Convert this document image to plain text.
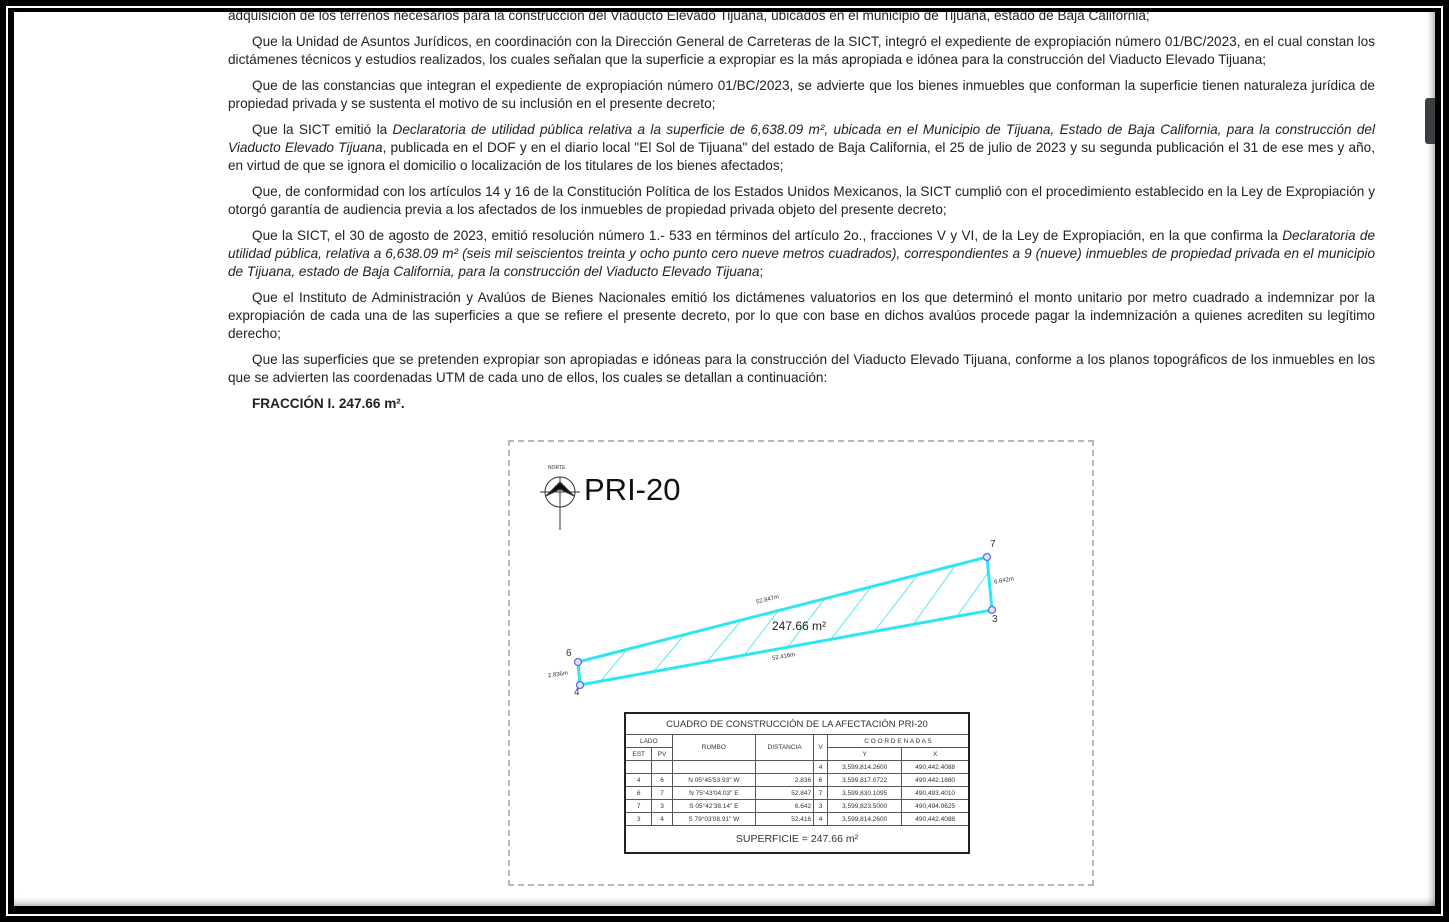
adquisición de los terrenos necesarios para la construcción del Viaducto Elevado Tijuana, ubicados en el municipio de Tijuana, estado de Baja California;

Que la Unidad de Asuntos Jurídicos, en coordinación con la Dirección General de Carreteras de la SICT, integró el expediente de expropiación número 01/BC/2023, en el cual constan los dictámenes técnicos y estudios realizados, los cuales señalan que la superficie a expropiar es la más apropiada e idónea para la construcción del Viaducto Elevado Tijuana;

Que de las constancias que integran el expediente de expropiación número 01/BC/2023, se advierte que los bienes inmuebles que conforman la superficie tienen naturaleza jurídica de propiedad privada y se sustenta el motivo de su inclusión en el presente decreto;

Que la SICT emitió la Declaratoria de utilidad pública relativa a la superficie de 6,638.09 m², ubicada en el Municipio de Tijuana, Estado de Baja California, para la construcción del Viaducto Elevado Tijuana, publicada en el DOF y en el diario local "El Sol de Tijuana" del estado de Baja California, el 25 de julio de 2023 y su segunda publicación el 31 de ese mes y año, en virtud de que se ignora el domicilio o localización de los titulares de los bienes afectados;

Que, de conformidad con los artículos 14 y 16 de la Constitución Política de los Estados Unidos Mexicanos, la SICT cumplió con el procedimiento establecido en la Ley de Expropiación y otorgó garantía de audiencia previa a los afectados de los inmuebles de propiedad privada objeto del presente decreto;

Que la SICT, el 30 de agosto de 2023, emitió resolución número 1.- 533 en términos del artículo 2o., fracciones V y VI, de la Ley de Expropiación, en la que confirma la Declaratoria de utilidad pública, relativa a 6,638.09 m² (seis mil seiscientos treinta y ocho punto cero nueve metros cuadrados), correspondientes a 9 (nueve) inmuebles de propiedad privada en el municipio de Tijuana, estado de Baja California, para la construcción del Viaducto Elevado Tijuana;

Que el Instituto de Administración y Avalúos de Bienes Nacionales emitió los dictámenes valuatorios en los que determinó el monto unitario por metro cuadrado a indemnizar por la expropiación de cada una de las superficies a que se refiere el presente decreto, por lo que con base en dichos avalúos procede pagar la indemnización a quienes acrediten su legítimo derecho;

Que las superficies que se pretenden expropiar son apropiadas e idóneas para la construcción del Viaducto Elevado Tijuana, conforme a los planos topográficos de los inmuebles en los que se advierten las coordenadas UTM de cada uno de ellos, los cuales se detallan a continuación:

FRACCIÓN I. 247.66 m².
NORTE
PRI-20
6
4
7
3
52.847m
6.642m
52.416m
2.836m
247.66 m²
CUADRO DE CONSTRUCCIÓN DE LA AFECTACIÓN PRI-20						
LADO		RUMBO	DISTANCIA	V	C O O R D E N A D A S	
EST	PV				Y	X
				4	3,599,814.2600	490,442.4088
4	6	N 05°45'53.93" W	2.836	6	3,599,817.0722	490,442.1880
6	7	N 75°43'04.03" E	52.847	7	3,599,830.1095	490,493.4010
7	3	S 05°42'38.14" E	6.642	3	3,599,823.5000	490,494.0625
3	4	S 79°03'08.91" W	52.416	4	3,599,814.2600	490,442.4088
SUPERFICIE = 247.66 m²						
